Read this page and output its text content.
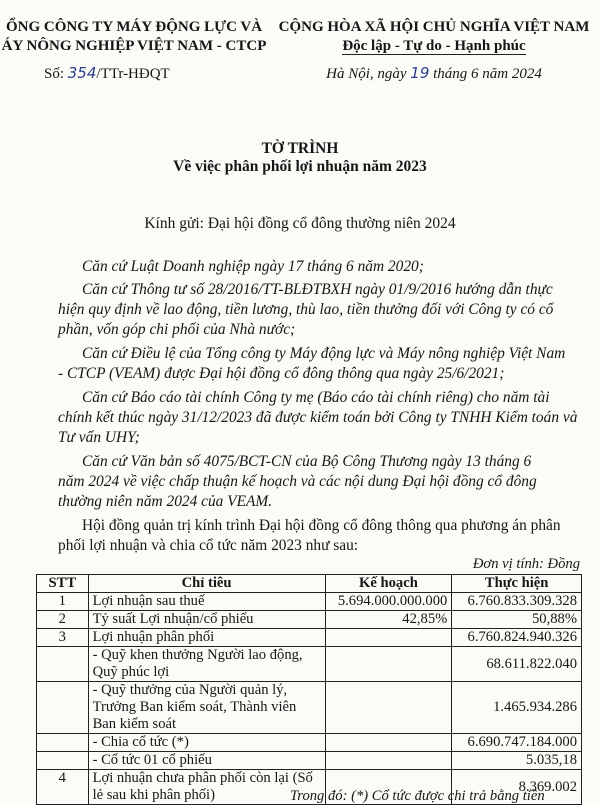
ỔNG CÔNG TY MÁY ĐỘNG LỰC VÀ
ÁY NÔNG NGHIỆP VIỆT NAM - CTCP
Số: 354/TTr-HĐQT
CỘNG HÒA XÃ HỘI CHỦ NGHĨA VIỆT NAM
Độc lập - Tự do - Hạnh phúc
Hà Nội, ngày 19 tháng 6 năm 2024
TỜ TRÌNH
Về việc phân phối lợi nhuận năm 2023
Kính gửi: Đại hội đồng cổ đông thường niên 2024
Căn cứ Luật Doanh nghiệp ngày 17 tháng 6 năm 2020;
Căn cứ Thông tư số 28/2016/TT-BLĐTBXH ngày 01/9/2016 hướng dẫn thực
hiện quy định về lao động, tiền lương, thù lao, tiền thưởng đối với Công ty có cổ
phần, vốn góp chi phối của Nhà nước;
Căn cứ Điều lệ của Tổng công ty Máy động lực và Máy nông nghiệp Việt Nam
- CTCP (VEAM) được Đại hội đồng cổ đông thông qua ngày 25/6/2021;
Căn cứ Báo cáo tài chính Công ty mẹ (Báo cáo tài chính riêng) cho năm tài
chính kết thúc ngày 31/12/2023 đã được kiểm toán bởi Công ty TNHH Kiểm toán và
Tư vấn UHY;
Căn cứ Văn bản số 4075/BCT-CN của Bộ Công Thương ngày 13 tháng 6
năm 2024 về việc chấp thuận kế hoạch và các nội dung Đại hội đồng cổ đông
thường niên năm 2024 của VEAM.
Hội đồng quản trị kính trình Đại hội đồng cổ đông thông qua phương án phân
phối lợi nhuận và chia cổ tức năm 2023 như sau:
Đơn vị tính: Đồng
STT	Chỉ tiêu	Kế hoạch	Thực hiện
1	Lợi nhuận sau thuế	5.694.000.000.000	6.760.833.309.328
2	Tỷ suất Lợi nhuận/cổ phiếu	42,85%	50,88%
3	Lợi nhuận phân phối		6.760.824.940.326
	- Quỹ khen thưởng Người lao động, Quỹ phúc lợi		68.611.822.040
	- Quỹ thưởng của Người quản lý, Trưởng Ban kiểm soát, Thành viên Ban kiểm soát		1.465.934.286
	- Chia cổ tức (*)		6.690.747.184.000
	- Cổ tức 01 cổ phiếu		5.035,18
4	Lợi nhuận chưa phân phối còn lại (Số lẻ sau khi phân phối)		8.369.002
Trong đó: (*) Cổ tức được chi trả bằng tiền
